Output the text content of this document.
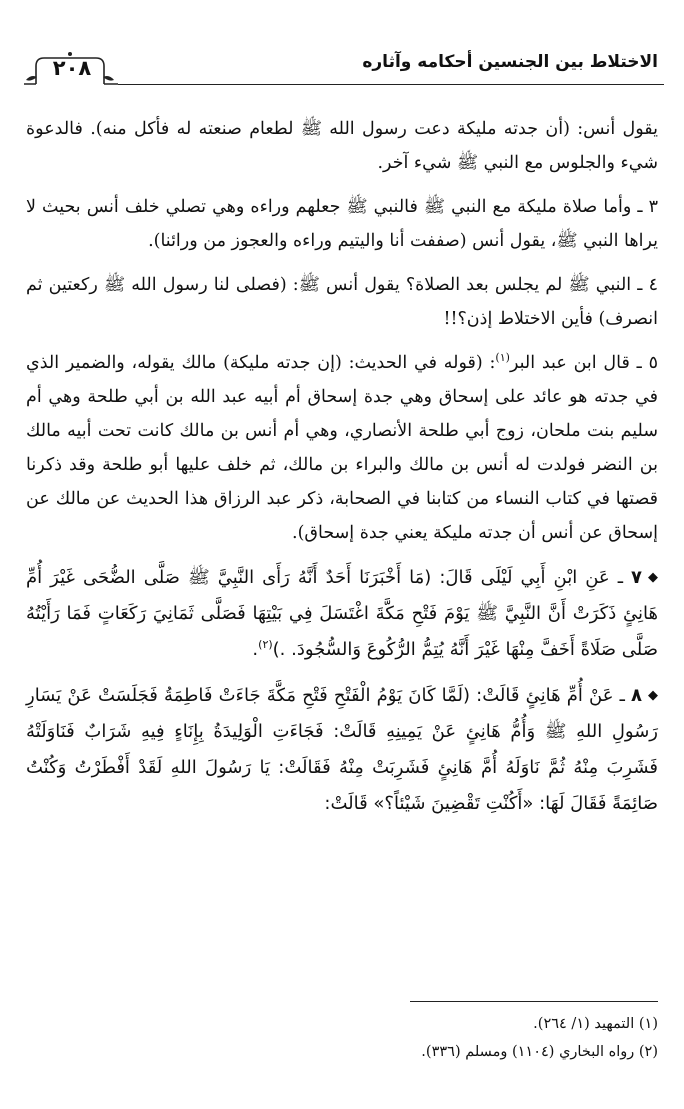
٢٠٨	الاختلاط بين الجنسين أحكامه وآثاره

يقول أنس: (أن جدته مليكة دعت رسول الله ﷺ لطعام صنعته له فأكل منه). فالدعوة شيء والجلوس مع النبي ﷺ شيء آخر.

٣ ـ وأما صلاة مليكة مع النبي ﷺ فالنبي ﷺ جعلهم وراءه وهي تصلي خلف أنس بحيث لا يراها النبي ﷺ، يقول أنس (صففت أنا واليتيم وراءه والعجوز من ورائنا).

٤ ـ النبي ﷺ لم يجلس بعد الصلاة؟ يقول أنس ﷺ: (فصلى لنا رسول الله ﷺ ركعتين ثم انصرف) فأين الاختلاط إذن؟!!

٥ ـ قال ابن عبد البر$^{(١)}$: (قوله في الحديث: (إن جدته مليكة) مالك يقوله، والضمير الذي في جدته هو عائد على إسحاق وهي جدة إسحاق أم أبيه عبد الله بن أبي طلحة وهي أم سليم بنت ملحان، زوج أبي طلحة الأنصاري، وهي أم أنس بن مالك كانت تحت أبيه مالك بن النضر فولدت له أنس بن مالك والبراء بن مالك، ثم خلف عليها أبو طلحة وقد ذكرنا قصتها في كتاب النساء من كتابنا في الصحابة، ذكر عبد الرزاق هذا الحديث عن مالك عن إسحاق عن أنس أن جدته مليكة يعني جدة إسحاق).

◆٧ ـ عَنِ ابْنِ أَبِي لَيْلَى قَالَ: (مَا أَخْبَرَنَا أَحَدٌ أَنَّهُ رَأَى النَّبِيَّ ﷺ صَلَّى الضُّحَى غَيْرَ أُمِّ هَانِئٍ ذَكَرَتْ أَنَّ النَّبِيَّ ﷺ يَوْمَ فَتْحِ مَكَّةَ اغْتَسَلَ فِي بَيْتِهَا فَصَلَّى ثَمَانِيَ رَكَعَاتٍ فَمَا رَأَيْتُهُ صَلَّى صَلَاةً أَخَفَّ مِنْهَا غَيْرَ أَنَّهُ يُتِمُّ الرُّكُوعَ وَالسُّجُودَ. .)$^{(٢)}$.

◆٨ ـ عَنْ أُمِّ هَانِئٍ قَالَتْ: (لَمَّا كَانَ يَوْمُ الْفَتْحِ فَتْحِ مَكَّةَ جَاءَتْ فَاطِمَةُ فَجَلَسَتْ عَنْ يَسَارِ رَسُولِ اللهِ ﷺ وَأُمُّ هَانِئٍ عَنْ يَمِينِهِ قَالَتْ: فَجَاءَتِ الْوَلِيدَةُ بِإِنَاءٍ فِيهِ شَرَابٌ فَنَاوَلَتْهُ فَشَرِبَ مِنْهُ ثُمَّ نَاوَلَهُ أُمَّ هَانِئٍ فَشَرِبَتْ مِنْهُ فَقَالَتْ: يَا رَسُولَ اللهِ لَقَدْ أَفْطَرْتُ وَكُنْتُ صَائِمَةً فَقَالَ لَهَا: «أَكُنْتِ تَقْضِينَ شَيْئاً؟» قَالَتْ:

(١) التمهيد (١/ ٢٦٤).

(٢) رواه البخاري (١١٠٤) ومسلم (٣٣٦).
